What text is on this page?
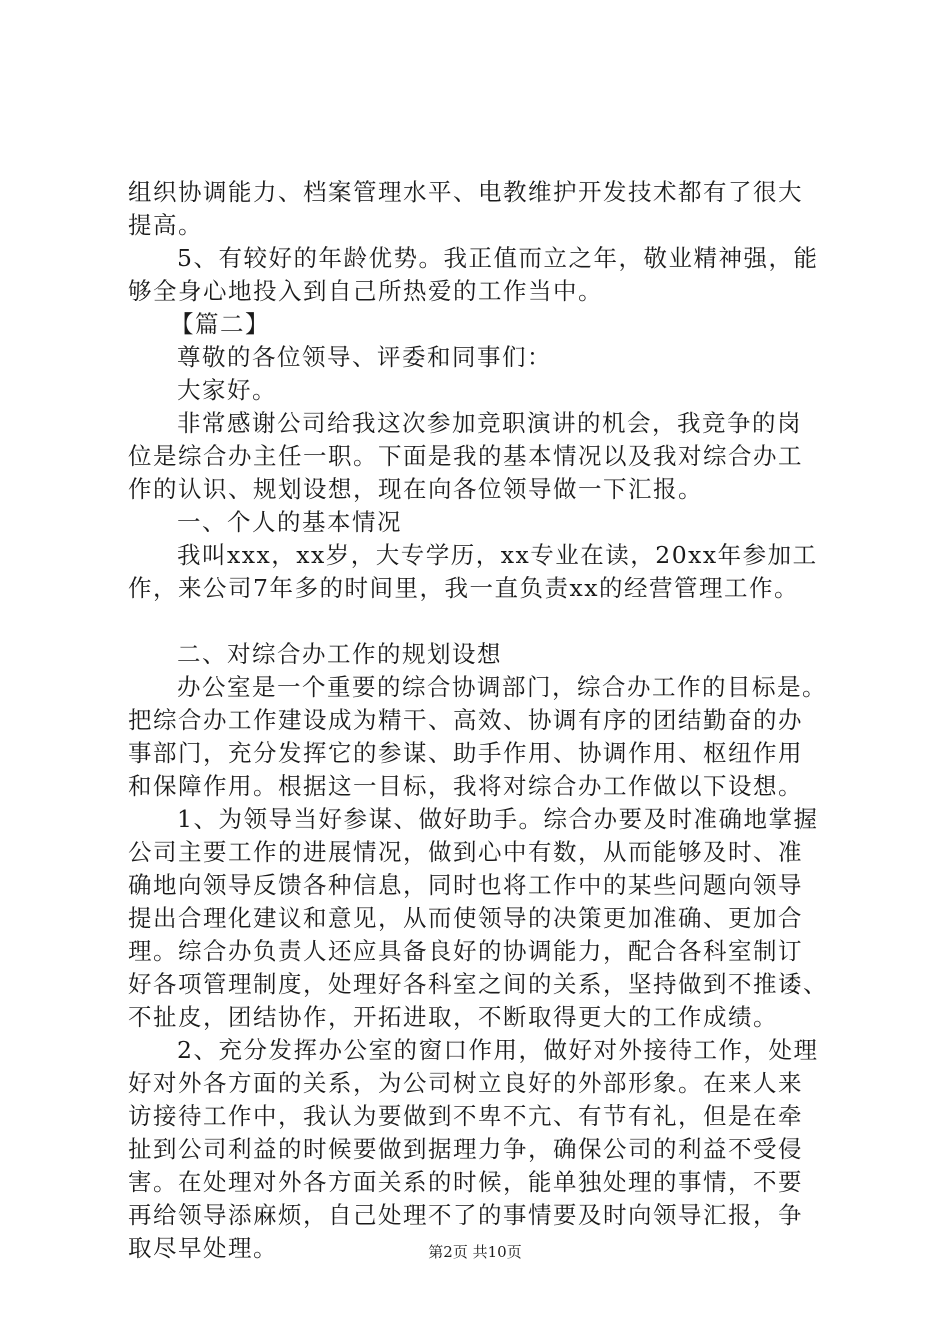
组织协调能力、档案管理水平、电教维护开发技术都有了很大
提高。
5、有较好的年龄优势。我正值而立之年，敬业精神强，能
够全身心地投入到自己所热爱的工作当中。
【篇二】
尊敬的各位领导、评委和同事们：
大家好。
非常感谢公司给我这次参加竞职演讲的机会，我竞争的岗
位是综合办主任一职。下面是我的基本情况以及我对综合办工
作的认识、规划设想，现在向各位领导做一下汇报。
一、个人的基本情况
我叫xxx，xx岁，大专学历，xx专业在读，20xx年参加工
作，来公司7年多的时间里，我一直负责xx的经营管理工作。
二、对综合办工作的规划设想
办公室是一个重要的综合协调部门，综合办工作的目标是。
把综合办工作建设成为精干、高效、协调有序的团结勤奋的办
事部门，充分发挥它的参谋、助手作用、协调作用、枢纽作用
和保障作用。根据这一目标，我将对综合办工作做以下设想。
1、为领导当好参谋、做好助手。综合办要及时准确地掌握
公司主要工作的进展情况，做到心中有数，从而能够及时、准
确地向领导反馈各种信息，同时也将工作中的某些问题向领导
提出合理化建议和意见，从而使领导的决策更加准确、更加合
理。综合办负责人还应具备良好的协调能力，配合各科室制订
好各项管理制度，处理好各科室之间的关系，坚持做到不推诿、
不扯皮，团结协作，开拓进取，不断取得更大的工作成绩。
2、充分发挥办公室的窗口作用，做好对外接待工作，处理
好对外各方面的关系，为公司树立良好的外部形象。在来人来
访接待工作中，我认为要做到不卑不亢、有节有礼，但是在牵
扯到公司利益的时候要做到据理力争，确保公司的利益不受侵
害。在处理对外各方面关系的时候，能单独处理的事情，不要
再给领导添麻烦，自己处理不了的事情要及时向领导汇报，争
取尽早处理。	第2页 共10页
